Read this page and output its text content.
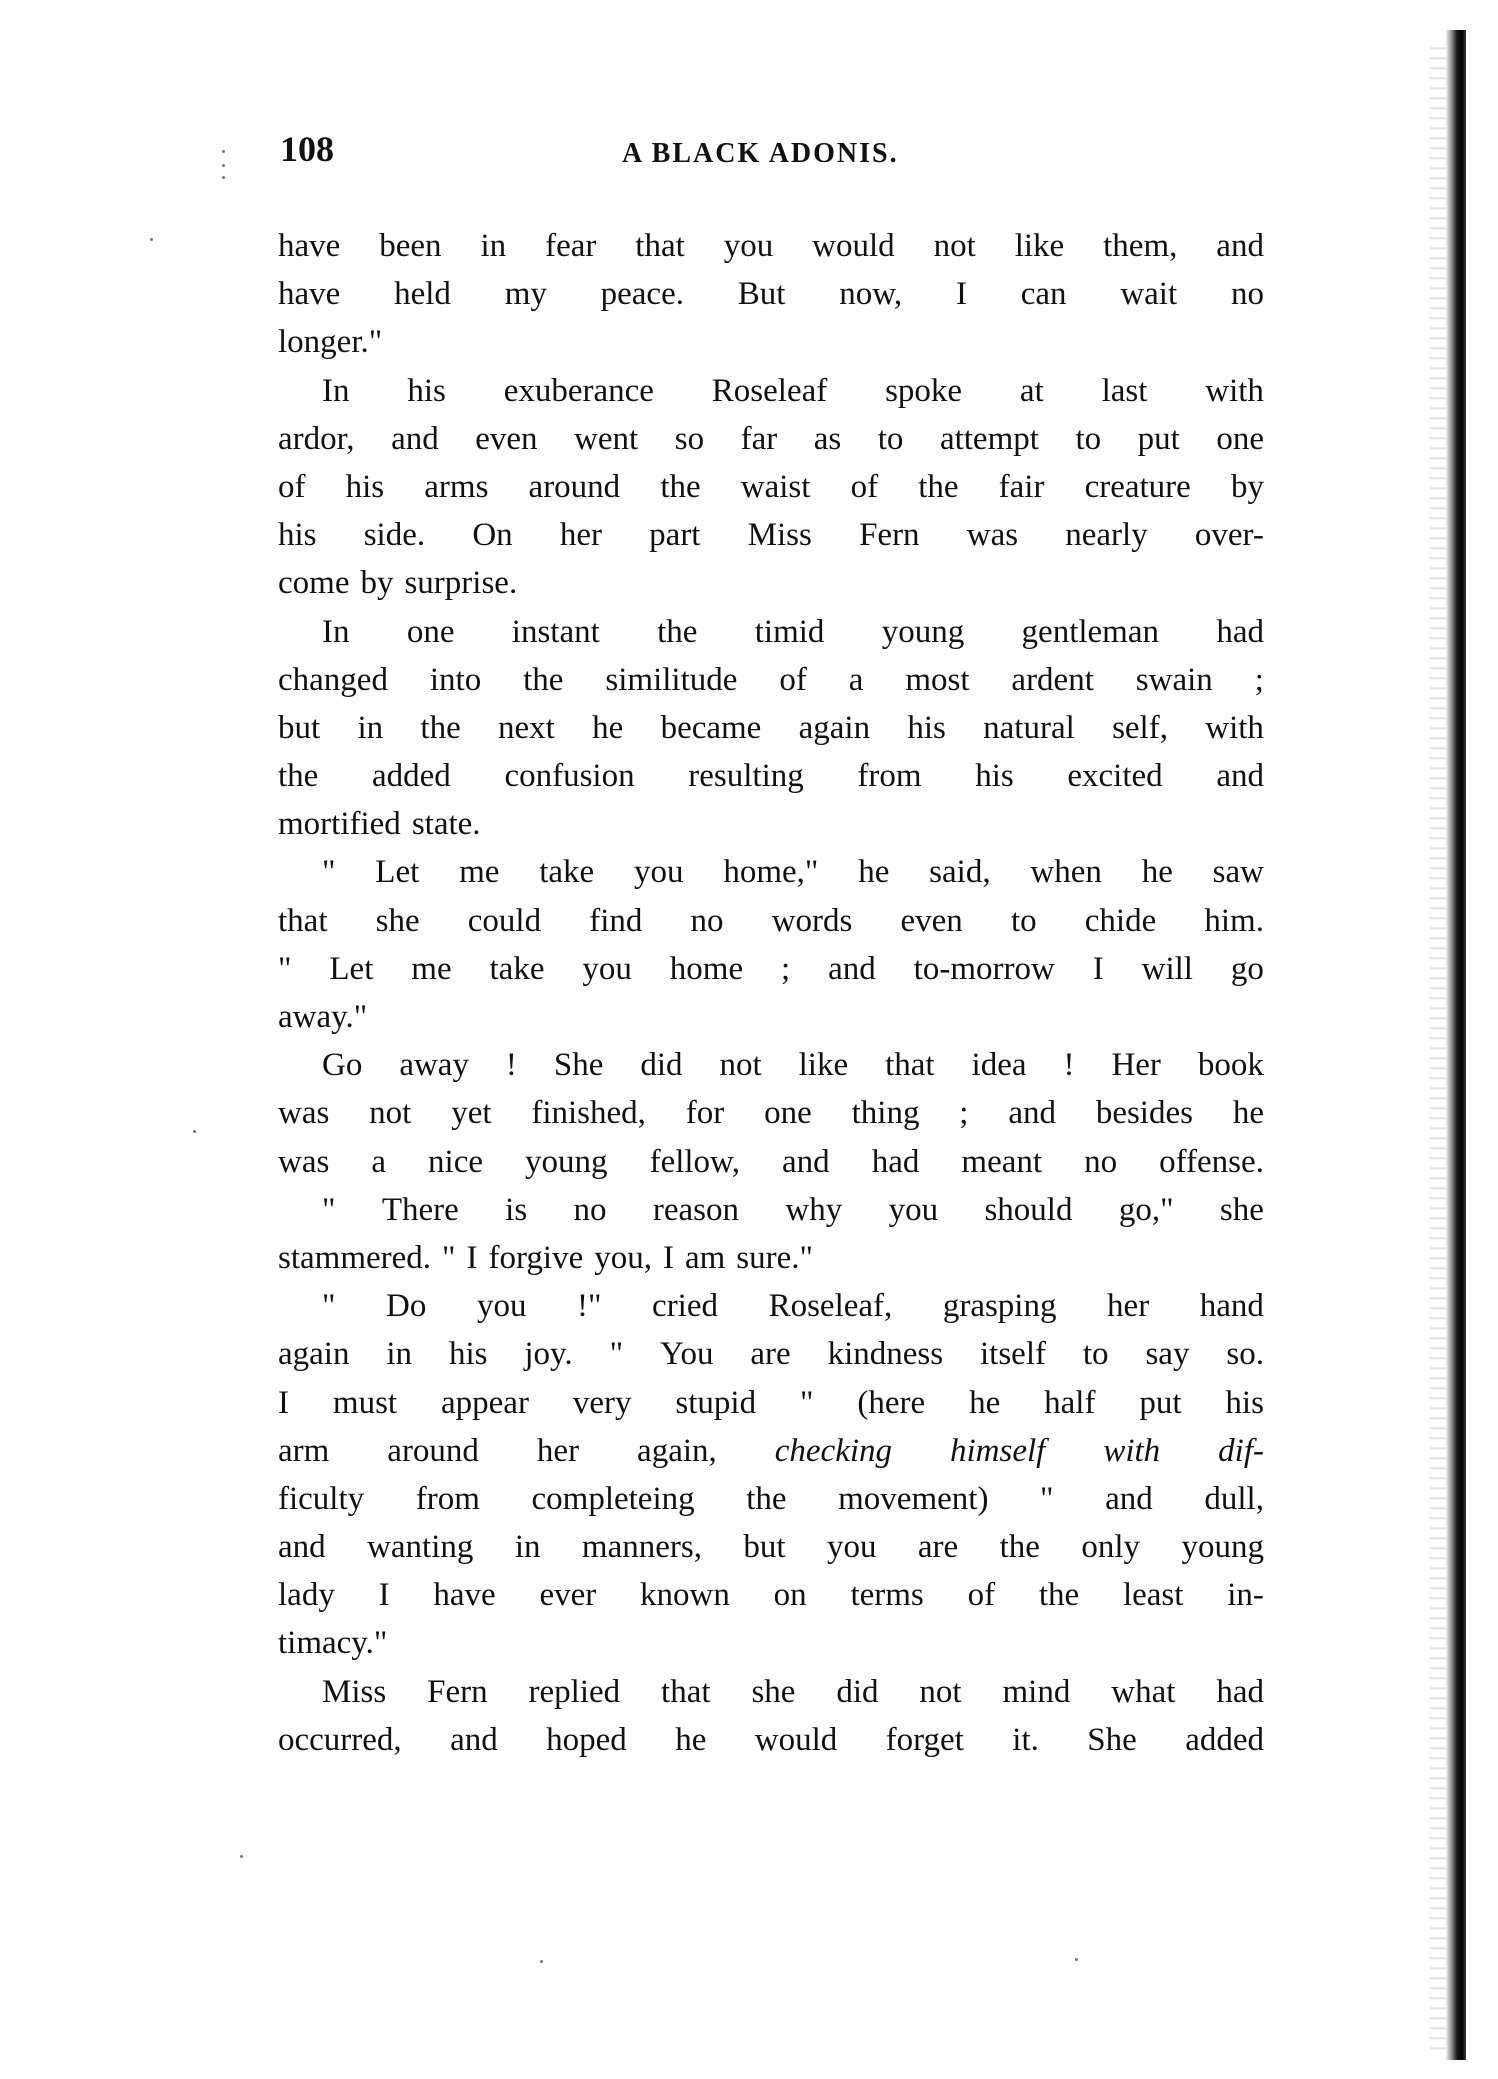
108	A BLACK ADONIS.
have been in fear that you would not like them, and
have held my peace. But now, I can wait no
longer."
In his exuberance Roseleaf spoke at last with
ardor, and even went so far as to attempt to put one
of his arms around the waist of the fair creature by
his side. On her part Miss Fern was nearly over-
come by surprise.
In one instant the timid young gentleman had
changed into the similitude of a most ardent swain ;
but in the next he became again his natural self, with
the added confusion resulting from his excited and
mortified state.
" Let me take you home," he said, when he saw
that she could find no words even to chide him.
" Let me take you home ; and to-morrow I will go
away."
Go away ! She did not like that idea ! Her book
was not yet finished, for one thing ; and besides he
was a nice young fellow, and had meant no offense.
" There is no reason why you should go," she
stammered. " I forgive you, I am sure."
" Do you !" cried Roseleaf, grasping her hand
again in his joy. " You are kindness itself to say so.
I must appear very stupid " (here he half put his
arm around her again, checking himself with dif-
ficulty from completeing the movement) " and dull,
and wanting in manners, but you are the only young
lady I have ever known on terms of the least in-
timacy."
Miss Fern replied that she did not mind what had
occurred, and hoped he would forget it. She added
